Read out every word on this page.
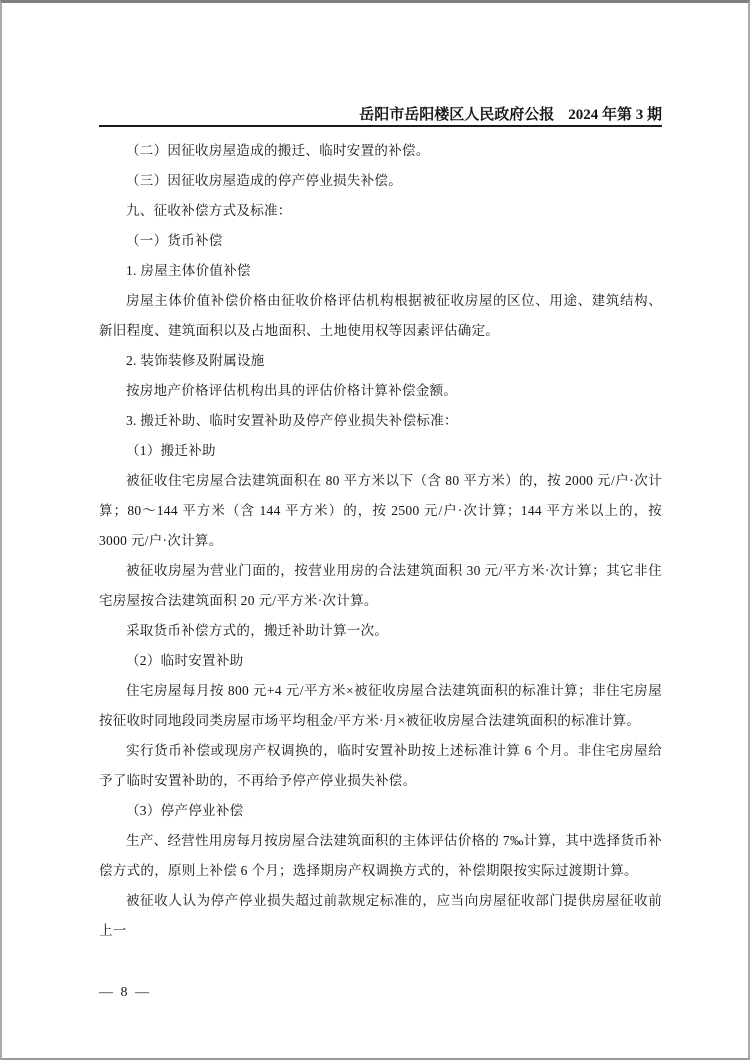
岳阳市岳阳楼区人民政府公报 2024 年第 3 期

（二）因征收房屋造成的搬迁、临时安置的补偿。

（三）因征收房屋造成的停产停业损失补偿。

九、征收补偿方式及标准：

（一）货币补偿

1. 房屋主体价值补偿

房屋主体价值补偿价格由征收价格评估机构根据被征收房屋的区位、用途、建筑结构、新旧程度、建筑面积以及占地面积、土地使用权等因素评估确定。

2. 装饰装修及附属设施

按房地产价格评估机构出具的评估价格计算补偿金额。

3. 搬迁补助、临时安置补助及停产停业损失补偿标准：

（1）搬迁补助

被征收住宅房屋合法建筑面积在 80 平方米以下（含 80 平方米）的，按 2000 元/户·次计算；80～144 平方米（含 144 平方米）的，按 2500 元/户·次计算；144 平方米以上的，按 3000 元/户·次计算。

被征收房屋为营业门面的，按营业用房的合法建筑面积 30 元/平方米·次计算；其它非住宅房屋按合法建筑面积 20 元/平方米·次计算。

采取货币补偿方式的，搬迁补助计算一次。

（2）临时安置补助

住宅房屋每月按 800 元+4 元/平方米×被征收房屋合法建筑面积的标准计算；非住宅房屋按征收时同地段同类房屋市场平均租金/平方米·月×被征收房屋合法建筑面积的标准计算。

实行货币补偿或现房产权调换的，临时安置补助按上述标准计算 6 个月。非住宅房屋给予了临时安置补助的，不再给予停产停业损失补偿。

（3）停产停业补偿

生产、经营性用房每月按房屋合法建筑面积的主体评估价格的 7‰计算，其中选择货币补偿方式的，原则上补偿 6 个月；选择期房产权调换方式的，补偿期限按实际过渡期计算。

被征收人认为停产停业损失超过前款规定标准的，应当向房屋征收部门提供房屋征收前上一

— 8 —
